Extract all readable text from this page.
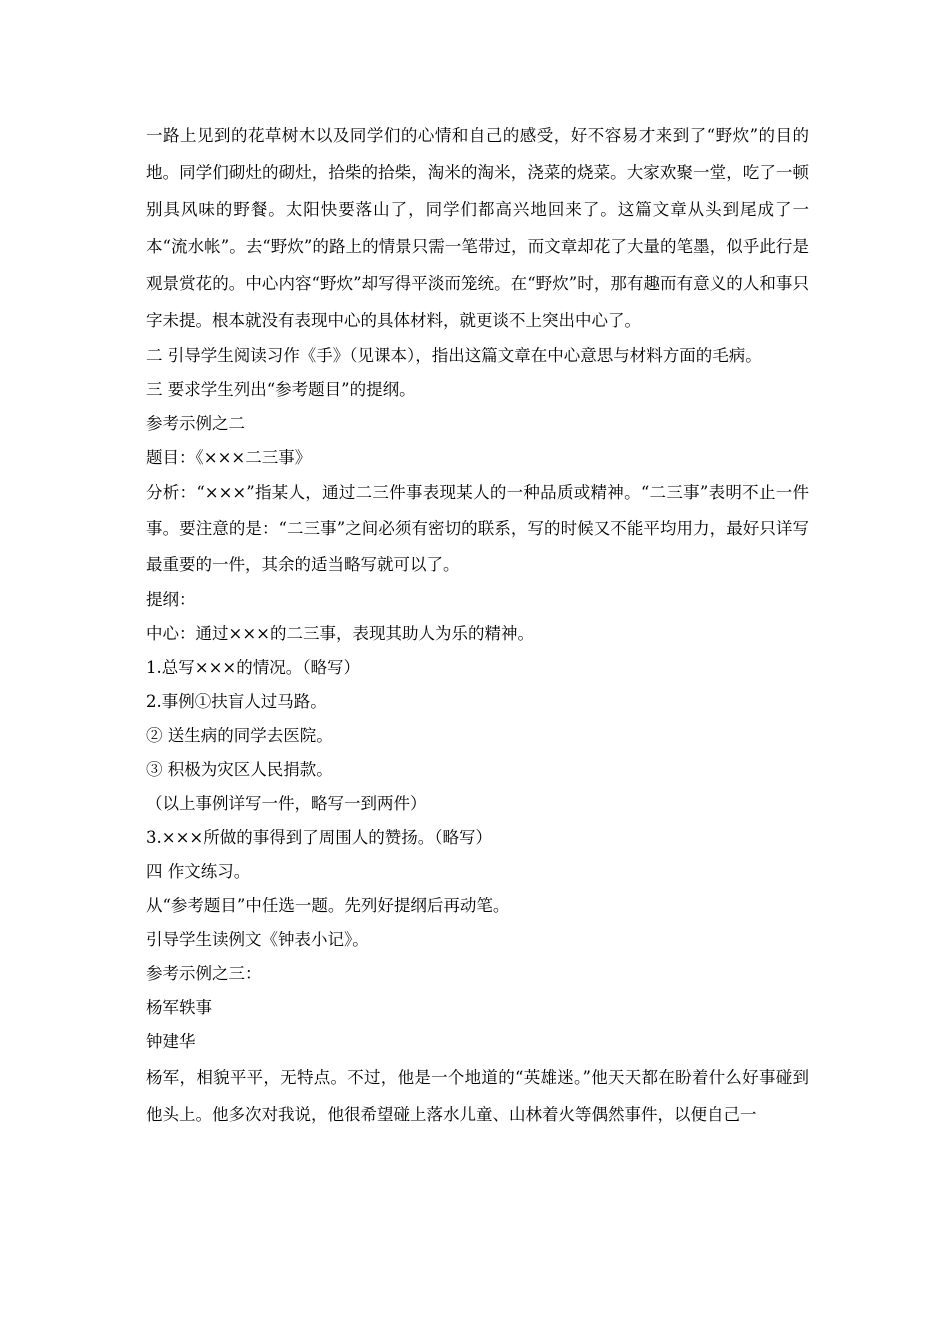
一路上见到的花草树木以及同学们的心情和自己的感受，好不容易才来到了“野炊”的目的地。同学们砌灶的砌灶，拾柴的拾柴，淘米的淘米，浇菜的烧菜。大家欢聚一堂，吃了一顿别具风味的野餐。太阳快要落山了，同学们都高兴地回来了。这篇文章从头到尾成了一本“流水帐”。去“野炊”的路上的情景只需一笔带过，而文章却花了大量的笔墨，似乎此行是观景赏花的。中心内容“野炊”却写得平淡而笼统。在“野炊”时，那有趣而有意义的人和事只字未提。根本就没有表现中心的具体材料，就更谈不上突出中心了。

二 引导学生阅读习作《手》（见课本），指出这篇文章在中心意思与材料方面的毛病。

三 要求学生列出“参考题目”的提纲。

参考示例之二

题目：《×××二三事》

分析：“×××”指某人，通过二三件事表现某人的一种品质或精神。“二三事”表明不止一件事。要注意的是：“二三事”之间必须有密切的联系，写的时候又不能平均用力，最好只详写最重要的一件，其余的适当略写就可以了。

提纲：

中心：通过×××的二三事，表现其助人为乐的精神。

1.总写×××的情况。（略写）

2.事例①扶盲人过马路。

② 送生病的同学去医院。

③ 积极为灾区人民捐款。

（以上事例详写一件，略写一到两件）

3.×××所做的事得到了周围人的赞扬。（略写）

四 作文练习。

从“参考题目”中任选一题。先列好提纲后再动笔。

引导学生读例文《钟表小记》。

参考示例之三：

杨军轶事

钟建华

杨军，相貌平平，无特点。不过，他是一个地道的“英雄迷。”他天天都在盼着什么好事碰到他头上。他多次对我说，他很希望碰上落水儿童、山林着火等偶然事件，以便自己一
